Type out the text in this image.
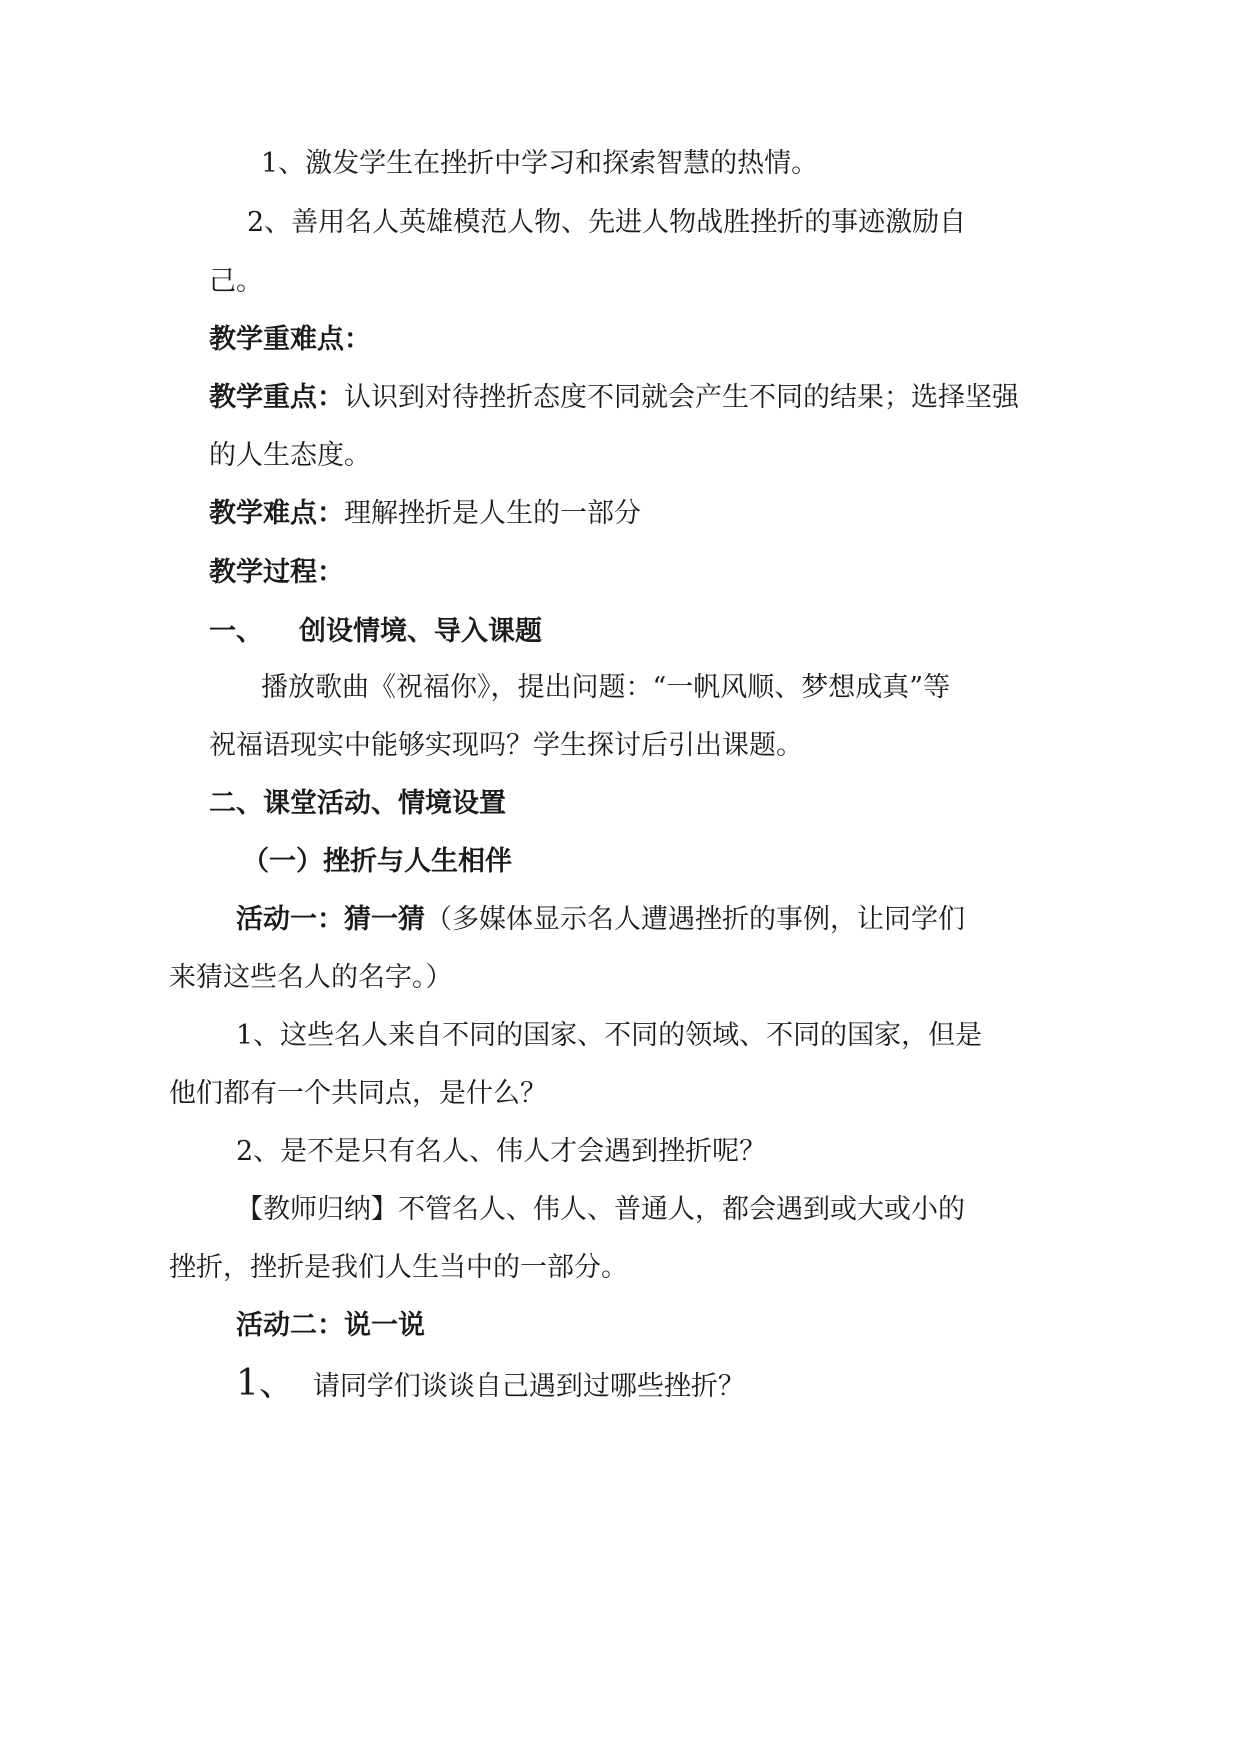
1、激发学生在挫折中学习和探索智慧的热情。

2、善用名人英雄模范人物、先进人物战胜挫折的事迹激励自

己。

教学重难点：

教学重点：认识到对待挫折态度不同就会产生不同的结果；选择坚强

的人生态度。

教学难点：理解挫折是人生的一部分

教学过程：

一、 创设情境、导入课题

播放歌曲《祝福你》，提出问题：“一帆风顺、梦想成真”等

祝福语现实中能够实现吗？学生探讨后引出课题。

二、课堂活动、情境设置

（一）挫折与人生相伴

活动一：猜一猜（多媒体显示名人遭遇挫折的事例，让同学们

来猜这些名人的名字。）

1、这些名人来自不同的国家、不同的领域、不同的国家，但是

他们都有一个共同点，是什么？

2、是不是只有名人、伟人才会遇到挫折呢？

【教师归纳】不管名人、伟人、普通人，都会遇到或大或小的

挫折，挫折是我们人生当中的一部分。

活动二：说一说

1、 请同学们谈谈自己遇到过哪些挫折？
